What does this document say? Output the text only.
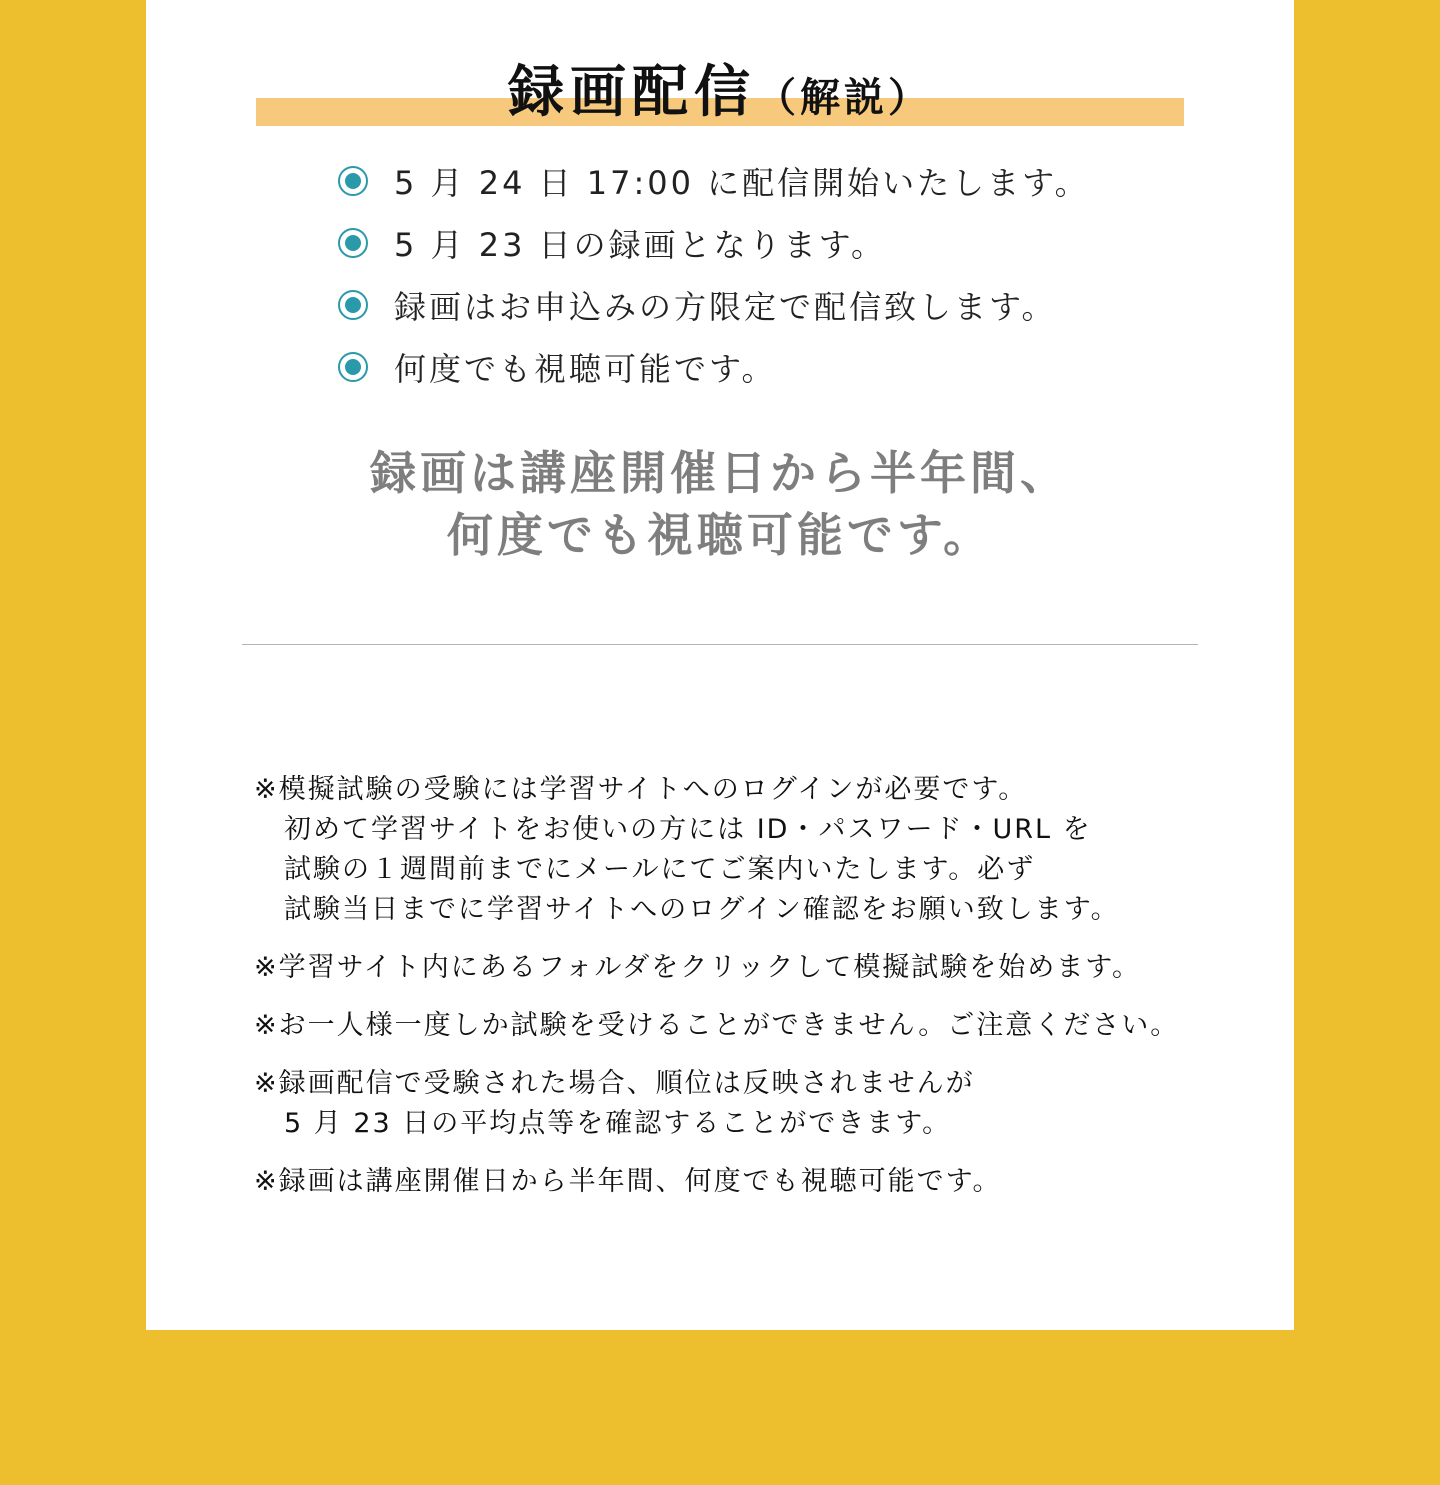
録画配信（解説）
5 月 24 日 17:00 に配信開始いたします。
5 月 23 日の録画となります。
録画はお申込みの方限定で配信致します。
何度でも視聴可能です。
録画は講座開催日から半年間、
何度でも視聴可能です。
※模擬試験の受験には学習サイトへのログインが必要です。
初めて学習サイトをお使いの方には ID・パスワード・URL を
試験の１週間前までにメールにてご案内いたします。必ず
試験当日までに学習サイトへのログイン確認をお願い致します。
※学習サイト内にあるフォルダをクリックして模擬試験を始めます。
※お一人様一度しか試験を受けることができません。ご注意ください。
※録画配信で受験された場合、順位は反映されませんが
5 月 23 日の平均点等を確認することができます。
※録画は講座開催日から半年間、何度でも視聴可能です。
